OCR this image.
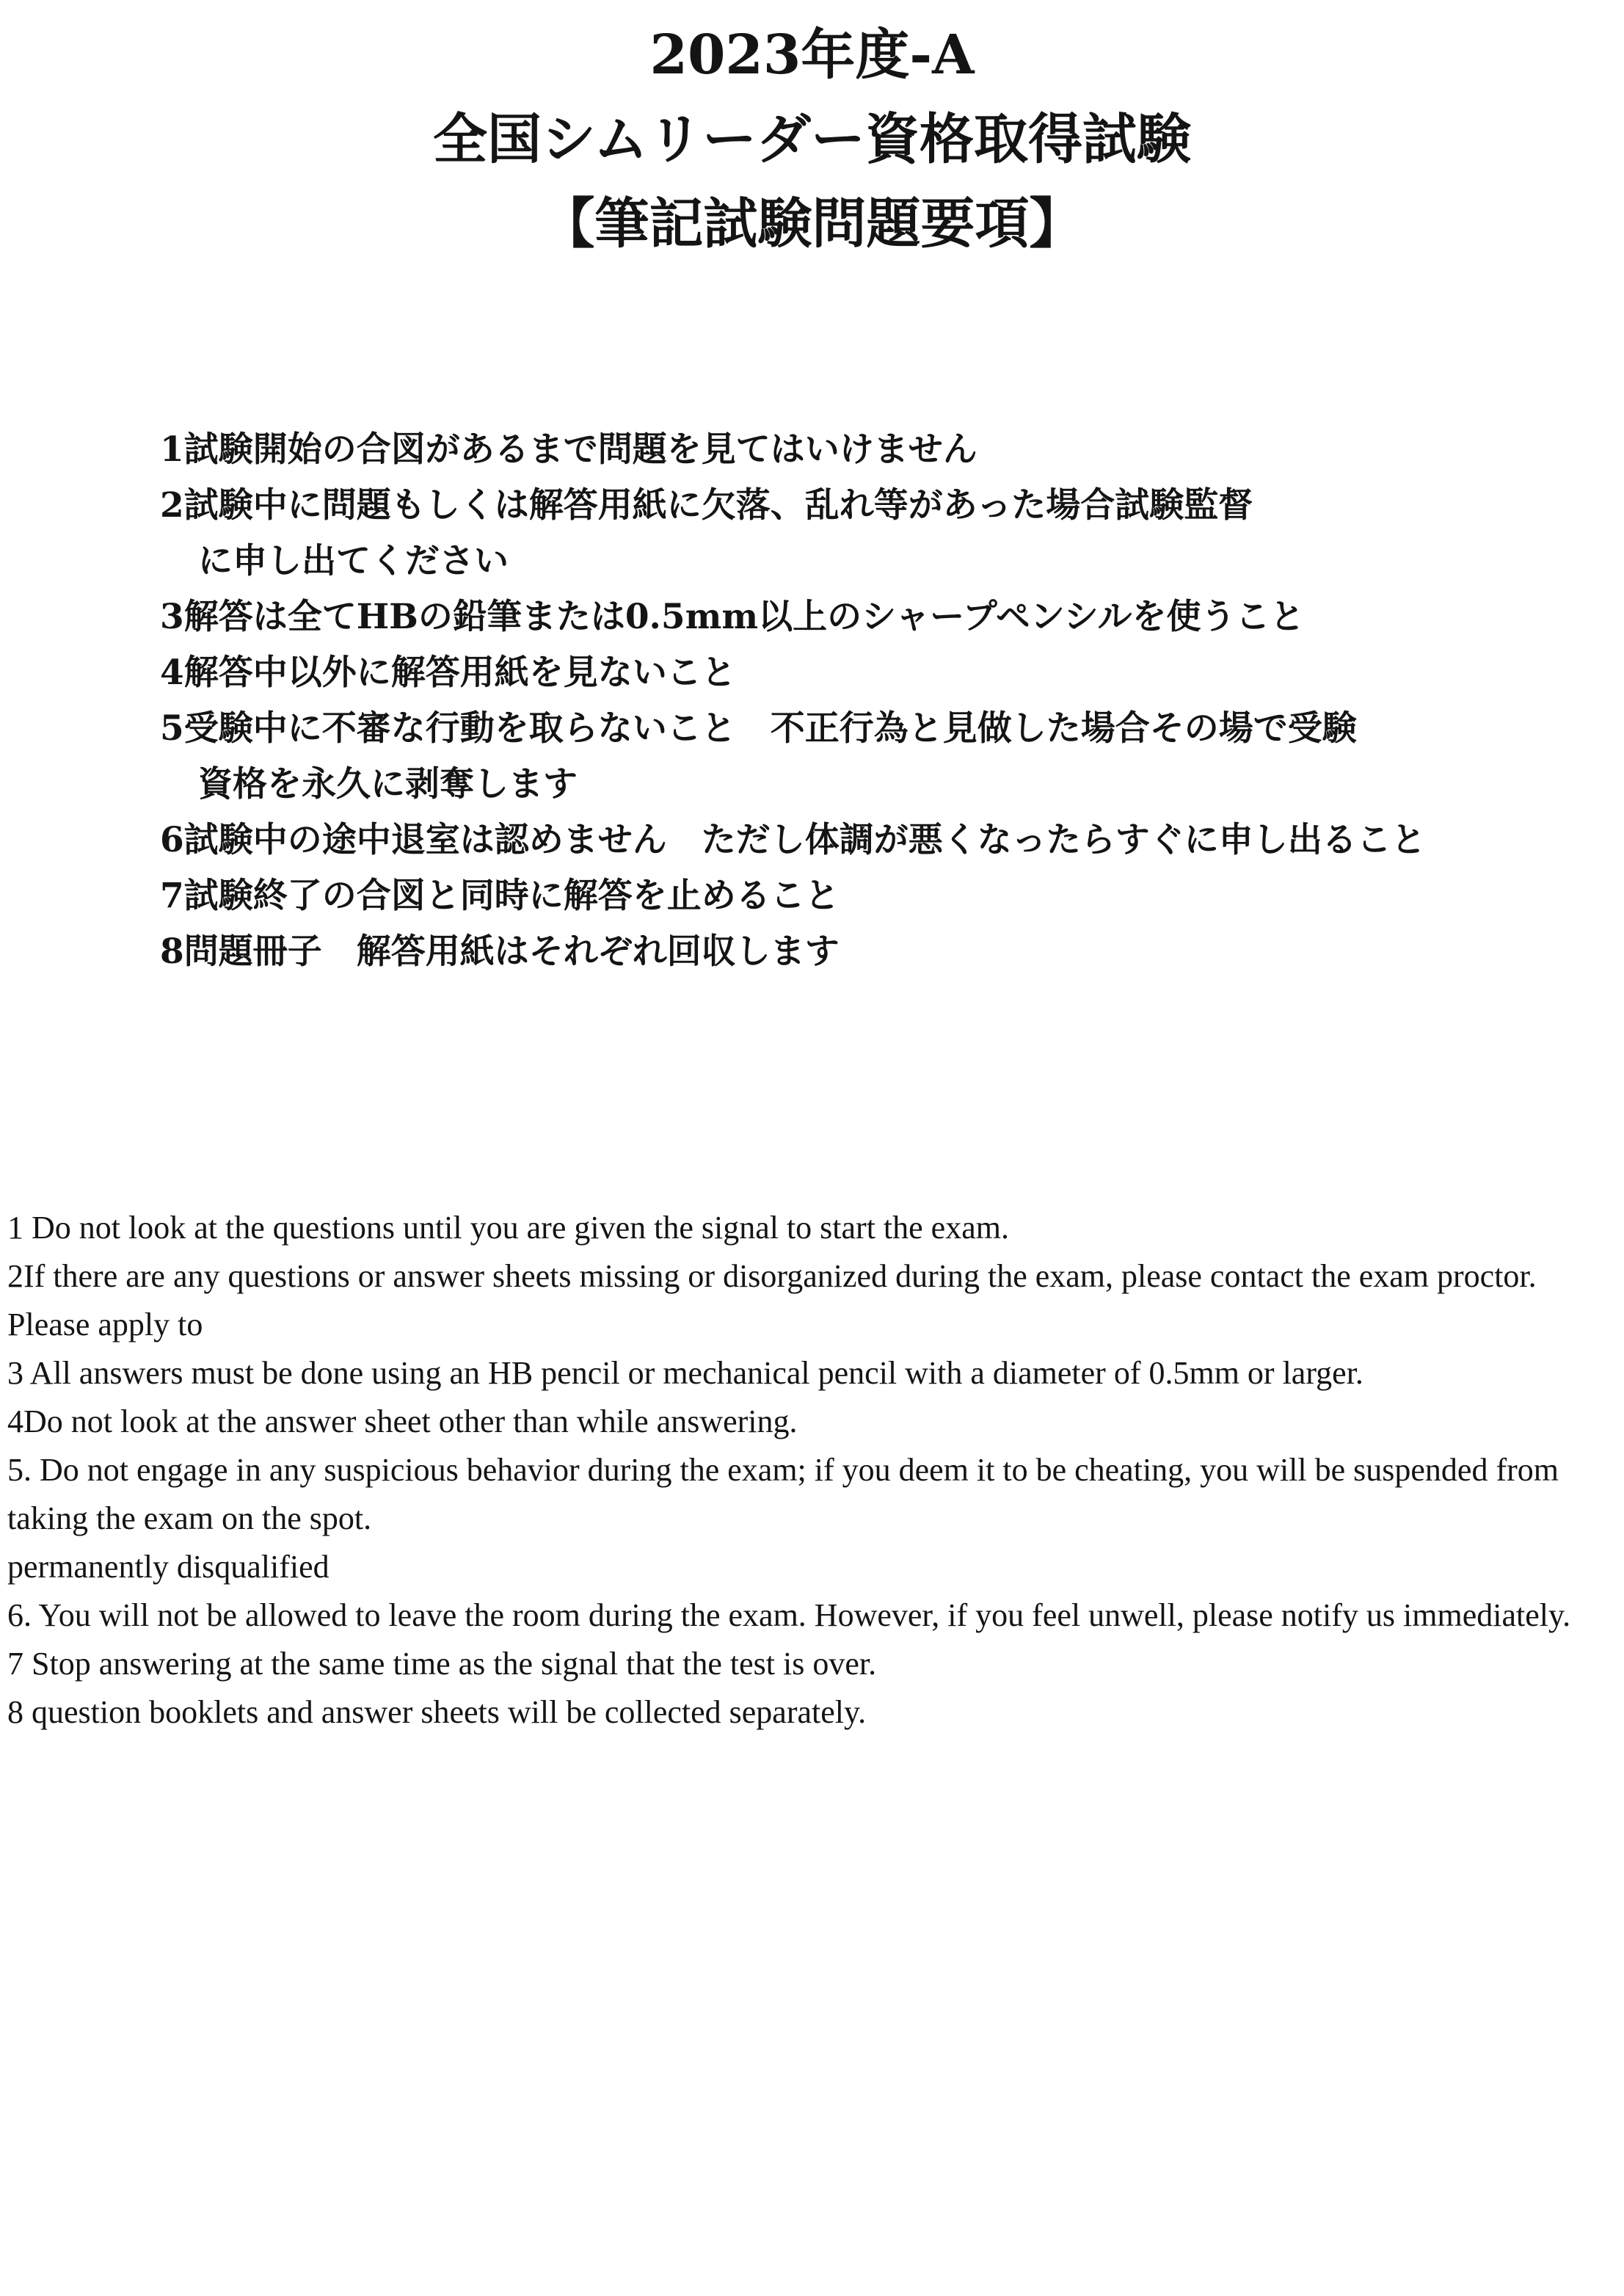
2023年度-A
全国シムリーダー資格取得試験
【筆記試験問題要項】
1試験開始の合図があるまで問題を見てはいけません
2試験中に問題もしくは解答用紙に欠落、乱れ等があった場合試験監督
に申し出てください
3解答は全てHBの鉛筆または0.5mm以上のシャープペンシルを使うこと
4解答中以外に解答用紙を見ないこと
5受験中に不審な行動を取らないこと　不正行為と見做した場合その場で受験
資格を永久に剥奪します
6試験中の途中退室は認めません　ただし体調が悪くなったらすぐに申し出ること
7試験終了の合図と同時に解答を止めること
8問題冊子　解答用紙はそれぞれ回収します
1 Do not look at the questions until you are given the signal to start the exam.
2If there are any questions or answer sheets missing or disorganized during the exam, please contact the exam proctor.
Please apply to
3 All answers must be done using an HB pencil or mechanical pencil with a diameter of 0.5mm or larger.
4Do not look at the answer sheet other than while answering.
5. Do not engage in any suspicious behavior during the exam; if you deem it to be cheating, you will be suspended from taking the exam on the spot.
permanently disqualified
6. You will not be allowed to leave the room during the exam. However, if you feel unwell, please notify us immediately.
7 Stop answering at the same time as the signal that the test is over.
8 question booklets and answer sheets will be collected separately.
